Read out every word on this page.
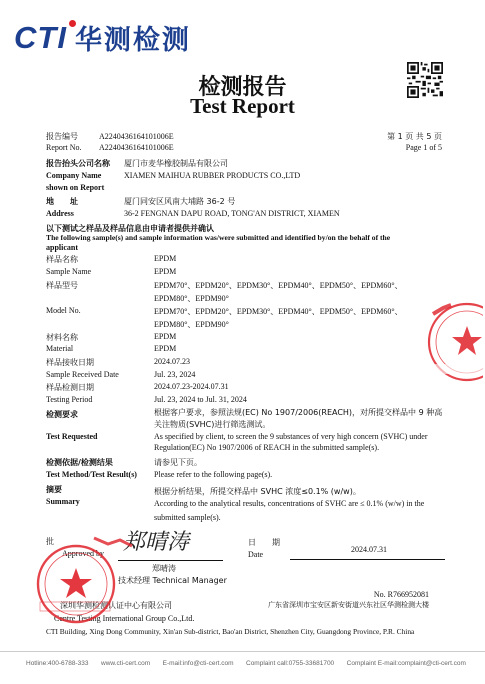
CTI 华测检测
检测报告
Test Report
报告编号	A2240436164101006E
Report No. A2240436164101006E
第 1 页 共 5 页
Page 1 of 5
报告抬头公司名称 厦门市麦华橡胶制品有限公司
Company Name	XIAMEN MAIHUA RUBBER PRODUCTS CO.,LTD
shown on Report
地　　址	厦门同安区风南大埔路 36-2 号
Address	36-2 FENGNAN DAPU ROAD, TONG'AN DISTRICT, XIAMEN
以下测试之样品及样品信息由申请者提供并确认
The following sample(s) and sample information was/were submitted and identified by/on the behalf of the
applicant
样品名称	EPDM
Sample Name	EPDM
样品型号	EPDM70°、EPDM20°、EPDM30°、EPDM40°、EPDM50°、EPDM60°、
EPDM80°、EPDM90°
Model No.	EPDM70°、EPDM20°、EPDM30°、EPDM40°、EPDM50°、EPDM60°、
EPDM80°、EPDM90°
材料名称	EPDM
Material	EPDM
样品接收日期	2024.07.23
Sample Received Date	Jul. 23, 2024
样品检测日期	2024.07.23-2024.07.31
Testing Period	Jul. 23, 2024 to Jul. 31, 2024
检测要求	根据客户要求，参照法规(EC) No 1907/2006(REACH)，对所提交样品中 9 种高关注物质(SVHC)进行筛选测试。
Test Requested	As specified by client, to screen the 9 substances of very high concern (SVHC) under Regulation(EC) No 1907/2006 of REACH in the submitted sample(s).
检测依据/检测结果	请参见下页。
Test Method/Test Result(s) Please refer to the following page(s).
摘要	根据分析结果，所提交样品中 SVHC 浓度≤0.1% (w/w)。
Summary	According to the analytical results, concentrations of SVHC are ≤ 0.1% (w/w) in the submitted sample(s).
批
Approved by 郑晴涛
郑晴涛
技术经理 Technical Manager
日　　期
Date
2024.07.31
No. R766952081
深圳华测检测认证中心有限公司	广东省深圳市宝安区新安街道兴东社区华测检测大楼
Centre Testing International Group Co.,Ltd.
CTI Building, Xing Dong Community, Xin'an Sub-district, Bao'an District, Shenzhen City, Guangdong Province, P.R. China
Hotline:400-6788-333 www.cti-cert.com E-mail:info@cti-cert.com Complaint call:0755-33681700 Complaint E-mail:complaint@cti-cert.com
